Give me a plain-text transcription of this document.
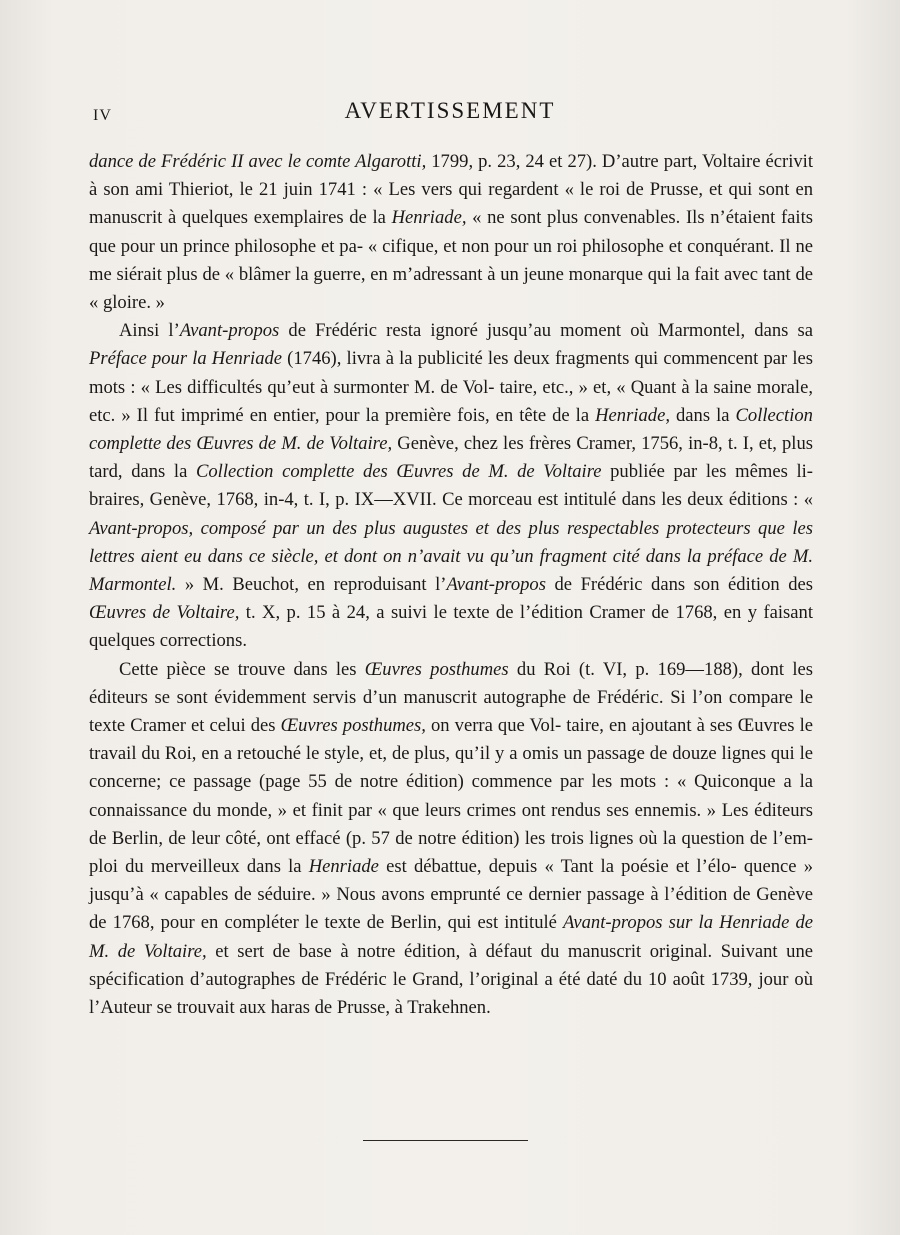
IV	AVERTISSEMENT

dance de Frédéric II avec le comte Algarotti, 1799, p. 23, 24 et 27). D’autre part, Voltaire écrivit à son ami Thieriot, le 21 juin 1741 : « Les vers qui regardent « le roi de Prusse, et qui sont en manuscrit à quelques exemplaires de la Henriade, « ne sont plus convenables. Ils n’étaient faits que pour un prince philosophe et pa- « cifique, et non pour un roi philosophe et conquérant. Il ne me siérait plus de « blâmer la guerre, en m’adressant à un jeune monarque qui la fait avec tant de « gloire. »

Ainsi l’Avant-propos de Frédéric resta ignoré jusqu’au moment où Marmontel, dans sa Préface pour la Henriade (1746), livra à la publicité les deux fragments qui commencent par les mots : « Les difficultés qu’eut à surmonter M. de Vol- taire, etc., » et, « Quant à la saine morale, etc. » Il fut imprimé en entier, pour la première fois, en tête de la Henriade, dans la Collection complette des Œuvres de M. de Voltaire, Genève, chez les frères Cramer, 1756, in-8, t. I, et, plus tard, dans la Collection complette des Œuvres de M. de Voltaire publiée par les mêmes li- braires, Genève, 1768, in-4, t. I, p. IX—XVII. Ce morceau est intitulé dans les deux éditions : « Avant-propos, composé par un des plus augustes et des plus respectables protecteurs que les lettres aient eu dans ce siècle, et dont on n’avait vu qu’un fragment cité dans la préface de M. Marmontel. » M. Beuchot, en reproduisant l’Avant-propos de Frédéric dans son édition des Œuvres de Voltaire, t. X, p. 15 à 24, a suivi le texte de l’édition Cramer de 1768, en y faisant quelques corrections.

Cette pièce se trouve dans les Œuvres posthumes du Roi (t. VI, p. 169—188), dont les éditeurs se sont évidemment servis d’un manuscrit autographe de Frédéric. Si l’on compare le texte Cramer et celui des Œuvres posthumes, on verra que Vol- taire, en ajoutant à ses Œuvres le travail du Roi, en a retouché le style, et, de plus, qu’il y a omis un passage de douze lignes qui le concerne; ce passage (page 55 de notre édition) commence par les mots : « Quiconque a la connaissance du monde, » et finit par « que leurs crimes ont rendus ses ennemis. » Les éditeurs de Berlin, de leur côté, ont effacé (p. 57 de notre édition) les trois lignes où la question de l’em- ploi du merveilleux dans la Henriade est débattue, depuis « Tant la poésie et l’élo- quence » jusqu’à « capables de séduire. » Nous avons emprunté ce dernier passage à l’édition de Genève de 1768, pour en compléter le texte de Berlin, qui est intitulé Avant-propos sur la Henriade de M. de Voltaire, et sert de base à notre édition, à défaut du manuscrit original. Suivant une spécification d’autographes de Frédéric le Grand, l’original a été daté du 10 août 1739, jour où l’Auteur se trouvait aux haras de Prusse, à Trakehnen.
